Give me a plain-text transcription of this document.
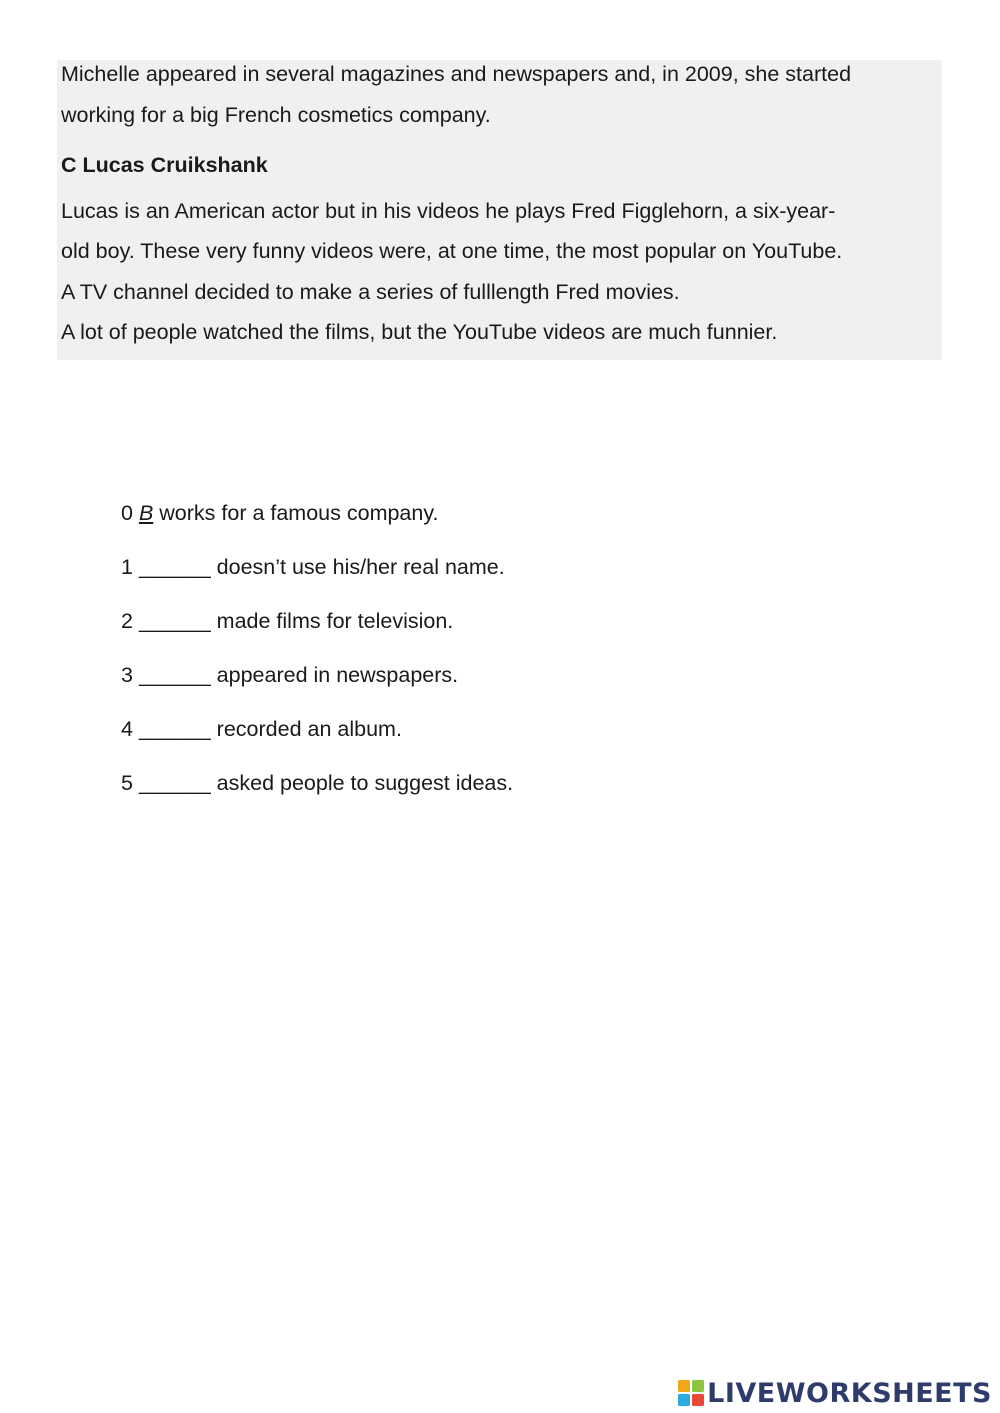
Michelle appeared in several magazines and newspapers and, in 2009, she started
working for a big French cosmetics company.
C Lucas Cruikshank
Lucas is an American actor but in his videos he plays Fred Figglehorn, a six-year-
old boy. These very funny videos were, at one time, the most popular on YouTube.
A TV channel decided to make a series of fulllength Fred movies.
A lot of people watched the films, but the YouTube videos are much funnier.
0 B works for a famous company.
1 ______ doesn’t use his/her real name.
2 ______ made films for television.
3 ______ appeared in newspapers.
4 ______ recorded an album.
5 ______ asked people to suggest ideas.
LIVEWORKSHEETS
